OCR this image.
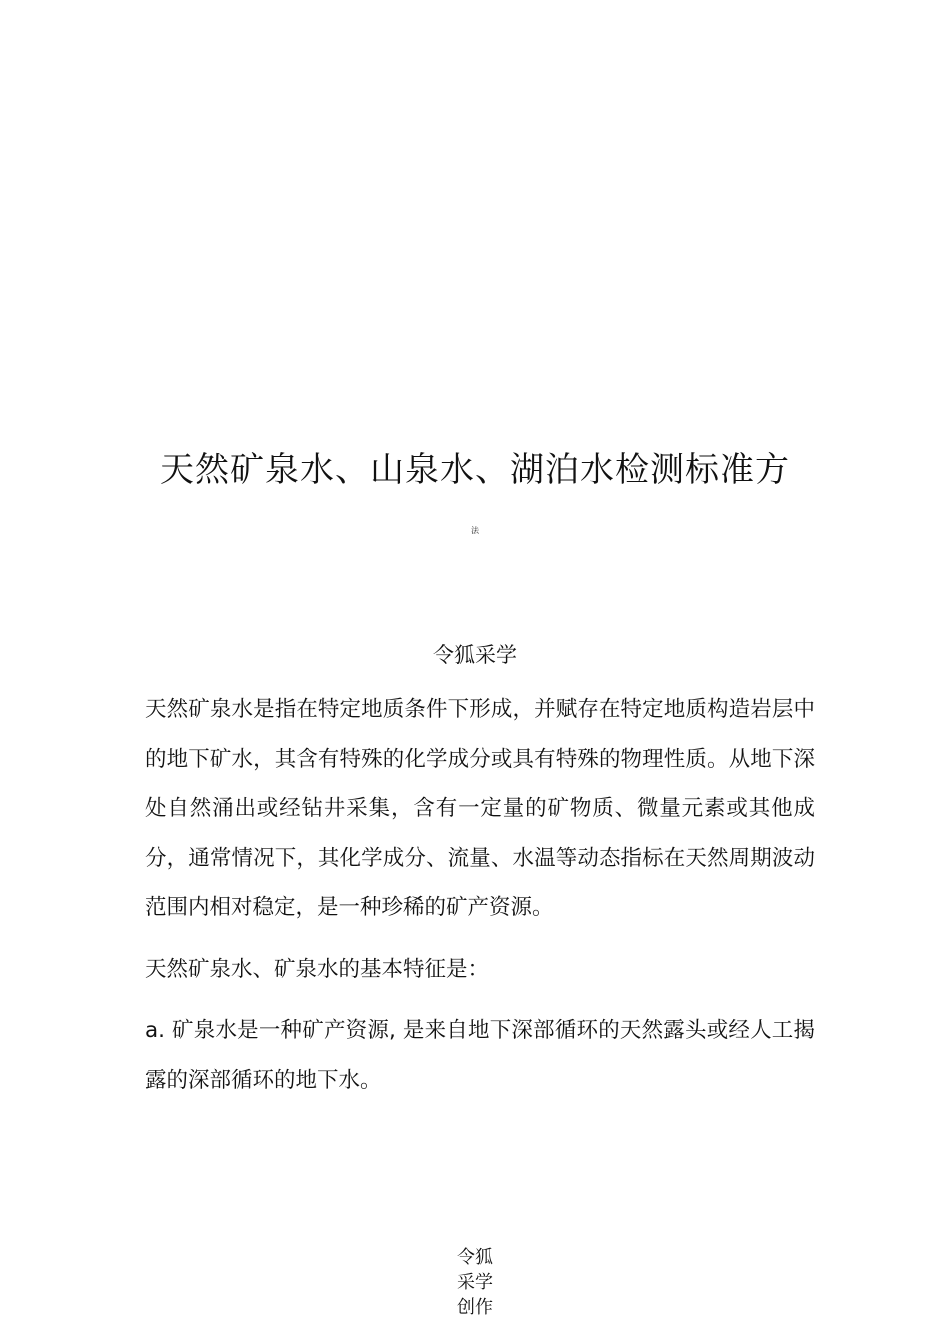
天然矿泉水、山泉水、湖泊水检测标准方
法
令狐采学

天然矿泉水是指在特定地质条件下形成，并赋存在特定地质构造岩层中的地下矿水，其含有特殊的化学成分或具有特殊的物理性质。从地下深处自然涌出或经钻井采集，含有一定量的矿物质、微量元素或其他成分，通常情况下，其化学成分、流量、水温等动态指标在天然周期波动范围内相对稳定，是一种珍稀的矿产资源。

天然矿泉水、矿泉水的基本特征是：

a. 矿泉水是一种矿产资源, 是来自地下深部循环的天然露头或经人工揭露的深部循环的地下水。

令狐
采学
创作
